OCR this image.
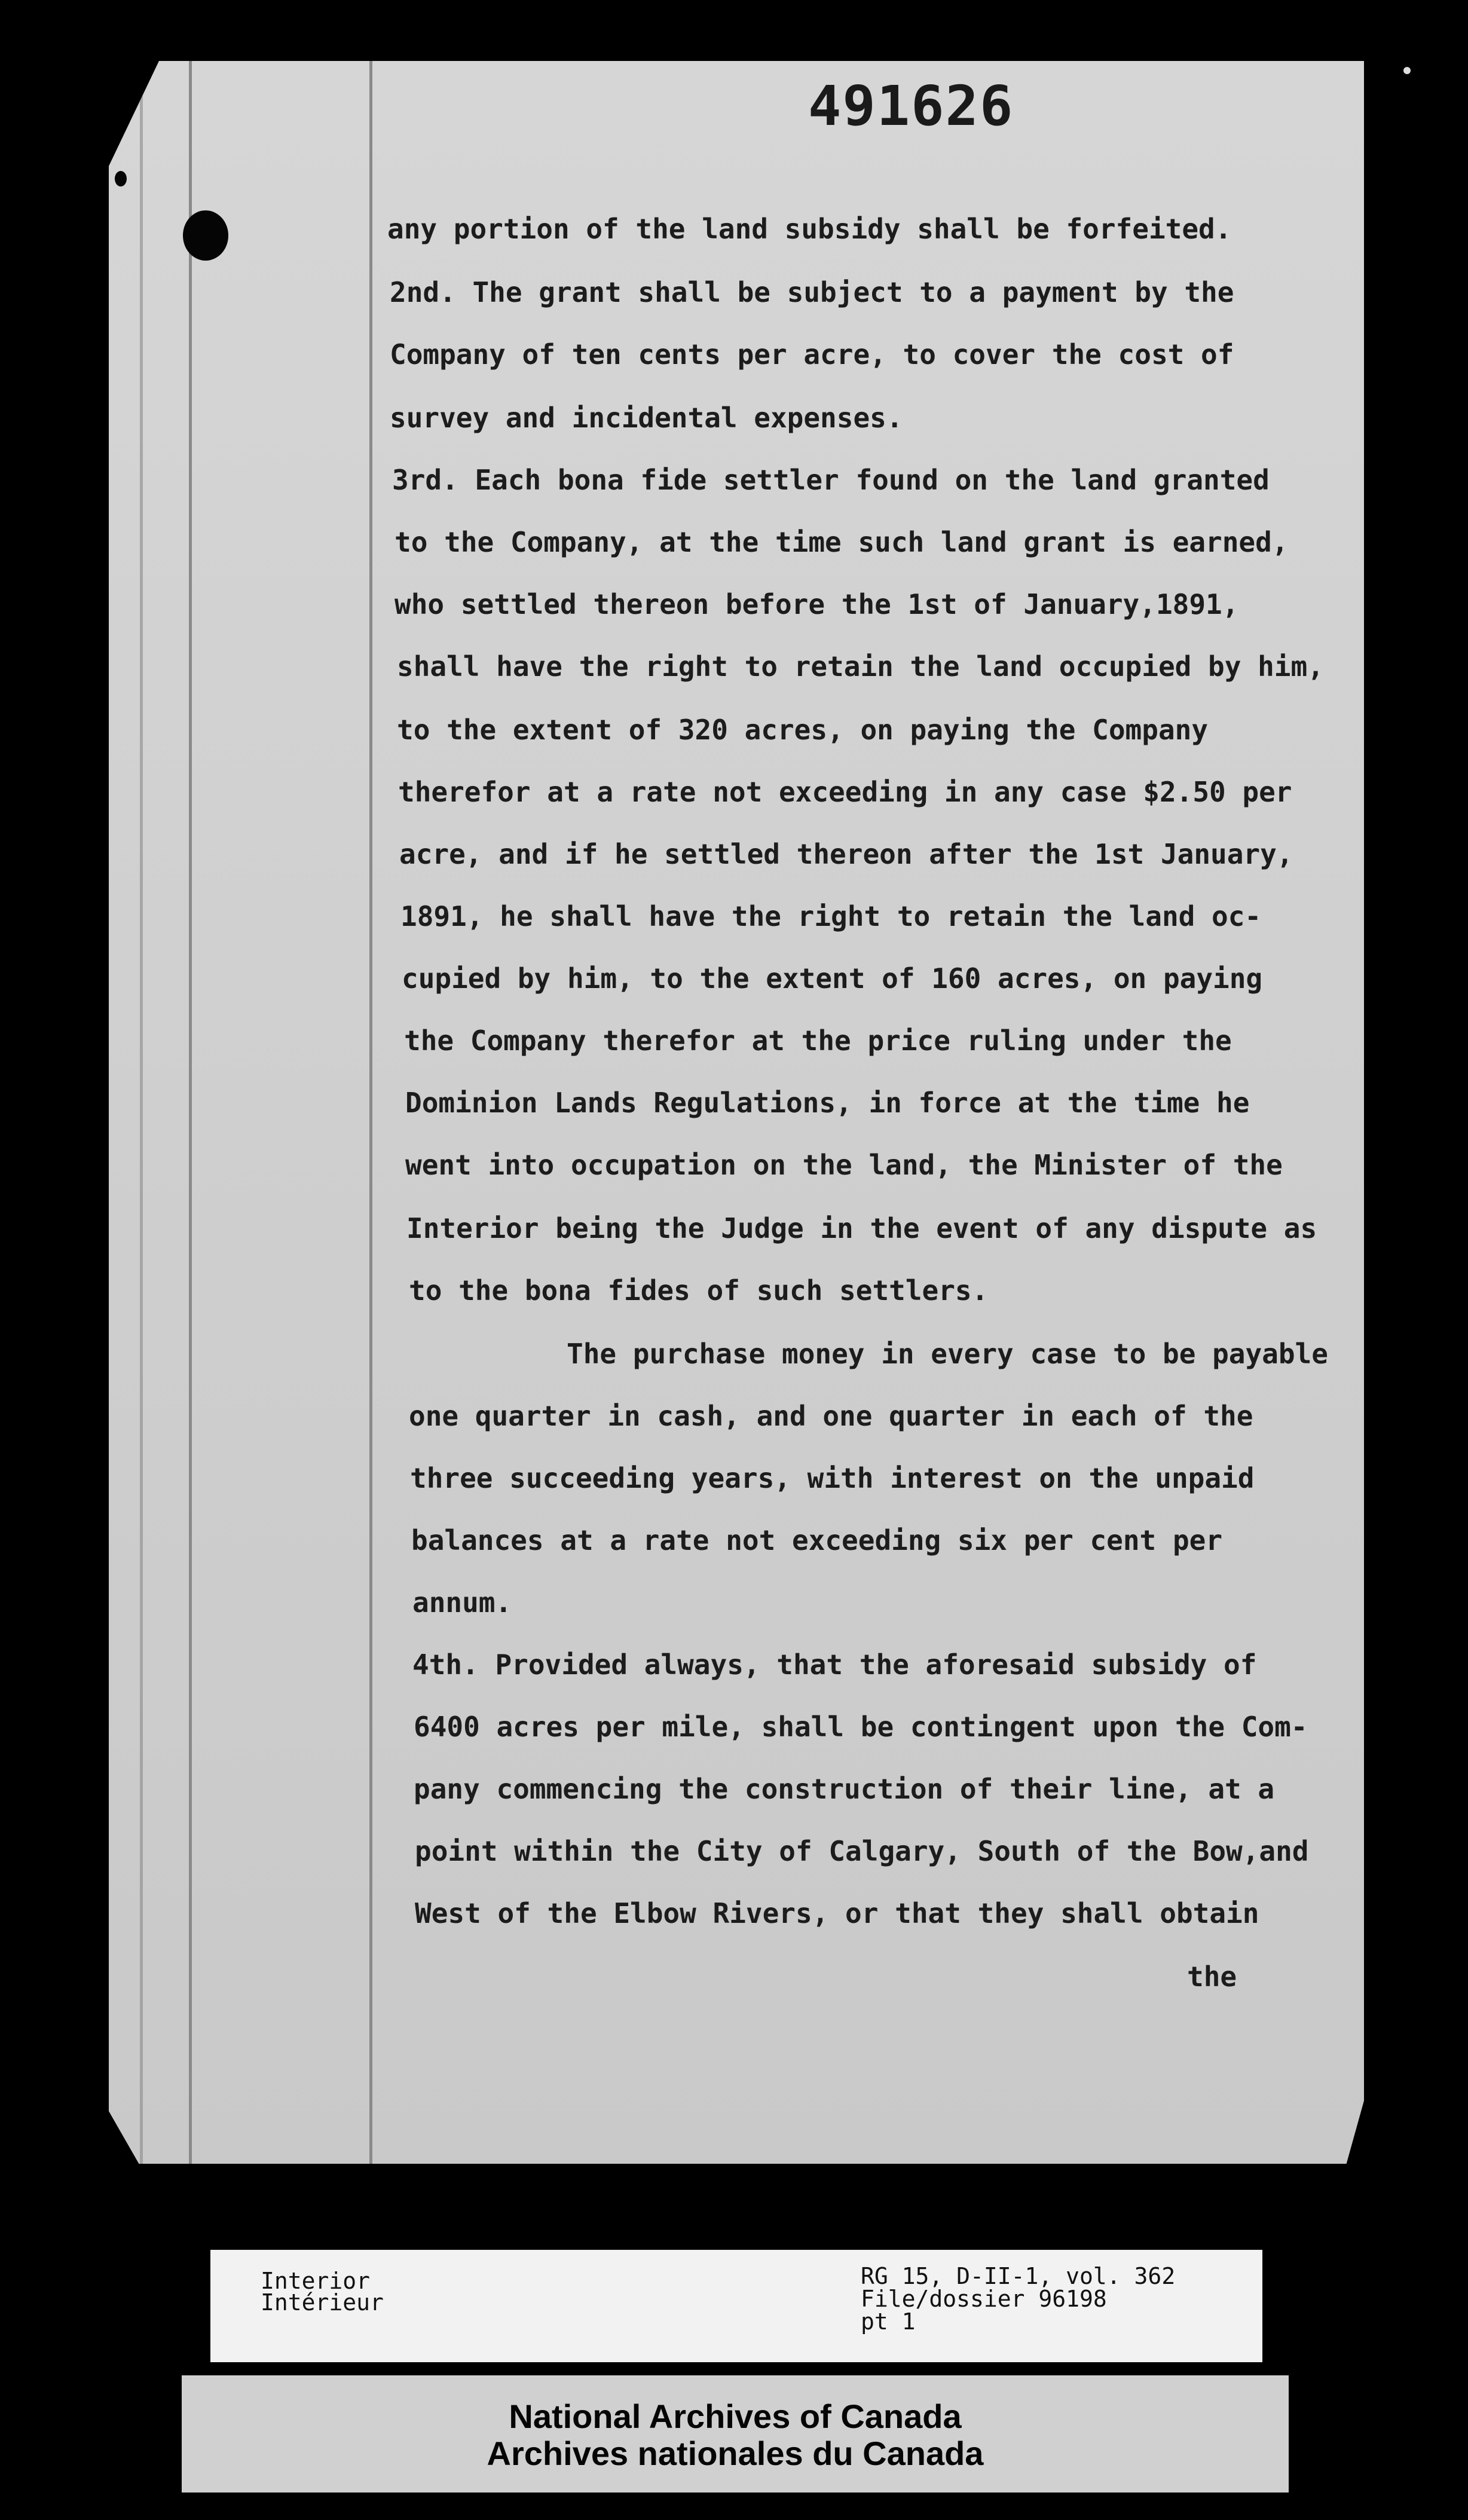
491626
any portion of the land subsidy shall be forfeited.
2nd. The grant shall be subject to a payment by the
Company of ten cents per acre, to cover the cost of
survey and incidental expenses.
3rd. Each bona fide settler found on the land granted
to the Company, at the time such land grant is earned,
who settled thereon before the 1st of January,1891,
shall have the right to retain the land occupied by him,
to the extent of 320 acres, on paying the Company
therefor at a rate not exceeding in any case $2.50 per
acre, and if he settled thereon after the 1st January,
1891, he shall have the right to retain the land oc-
cupied by him, to the extent of 160 acres, on paying
the Company therefor at the price ruling under the
Dominion Lands Regulations, in force at the time he
went into occupation on the land, the Minister of the
Interior being the Judge in the event of any dispute as
to the bona fides of such settlers.
The purchase money in every case to be payable
one quarter in cash, and one quarter in each of the
three succeeding years, with interest on the unpaid
balances at a rate not exceeding six per cent per
annum.
4th. Provided always, that the aforesaid subsidy of
6400 acres per mile, shall be contingent upon the Com-
pany commencing the construction of their line, at a
point within the City of Calgary, South of the Bow,and
West of the Elbow Rivers, or that they shall obtain
the
Interior
Intérieur
RG 15, D-II-1, vol. 362
File/dossier 96198
pt 1
National Archives of Canada
Archives nationales du Canada
